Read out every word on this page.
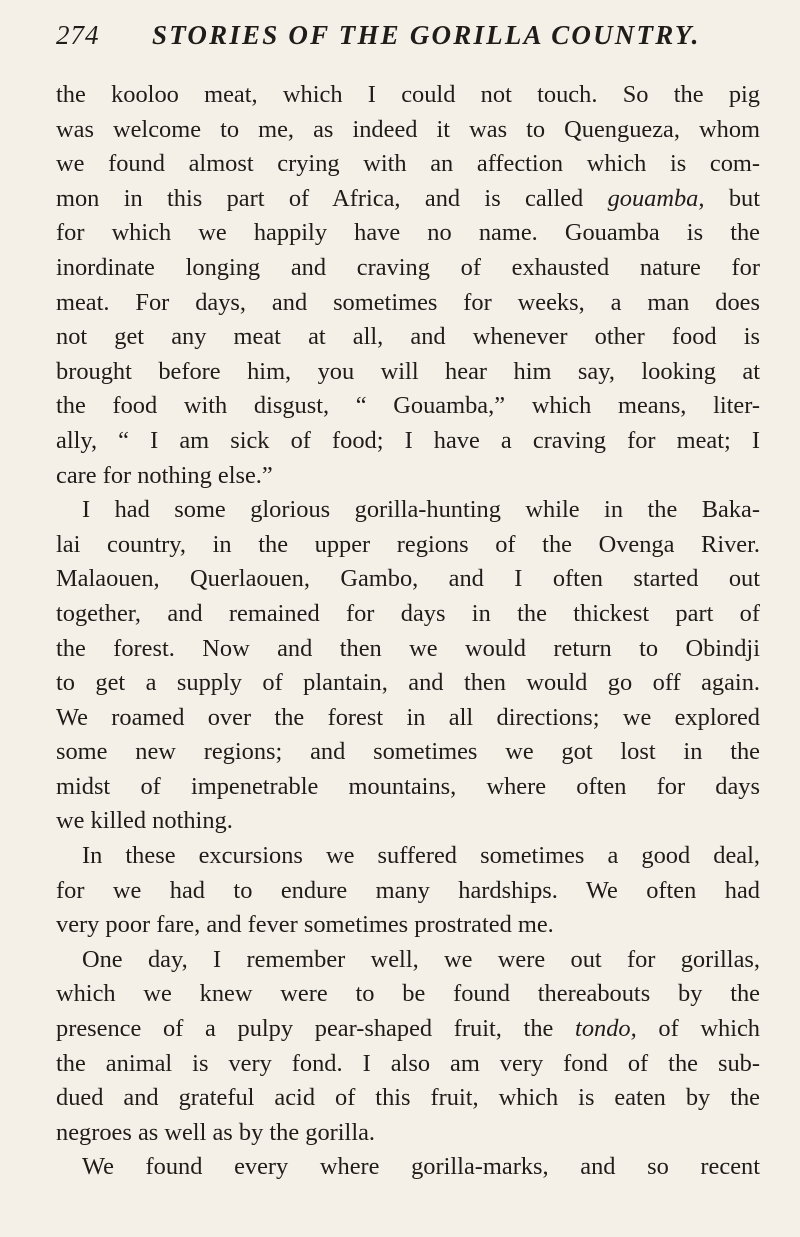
274 STORIES OF THE GORILLA COUNTRY.
the kooloo meat, which I could not touch. So the pig
was welcome to me, as indeed it was to Quengueza, whom
we found almost crying with an affection which is com-
mon in this part of Africa, and is called gouamba, but
for which we happily have no name. Gouamba is the
inordinate longing and craving of exhausted nature for
meat. For days, and sometimes for weeks, a man does
not get any meat at all, and whenever other food is
brought before him, you will hear him say, looking at
the food with disgust, “ Gouamba,” which means, liter-
ally, “ I am sick of food; I have a craving for meat; I
care for nothing else.”
I had some glorious gorilla-hunting while in the Baka-
lai country, in the upper regions of the Ovenga River.
Malaouen, Querlaouen, Gambo, and I often started out
together, and remained for days in the thickest part of
the forest. Now and then we would return to Obindji
to get a supply of plantain, and then would go off again.
We roamed over the forest in all directions; we explored
some new regions; and sometimes we got lost in the
midst of impenetrable mountains, where often for days
we killed nothing.
In these excursions we suffered sometimes a good deal,
for we had to endure many hardships. We often had
very poor fare, and fever sometimes prostrated me.
One day, I remember well, we were out for gorillas,
which we knew were to be found thereabouts by the
presence of a pulpy pear-shaped fruit, the tondo, of which
the animal is very fond. I also am very fond of the sub-
dued and grateful acid of this fruit, which is eaten by the
negroes as well as by the gorilla.
We found every where gorilla-marks, and so recent
